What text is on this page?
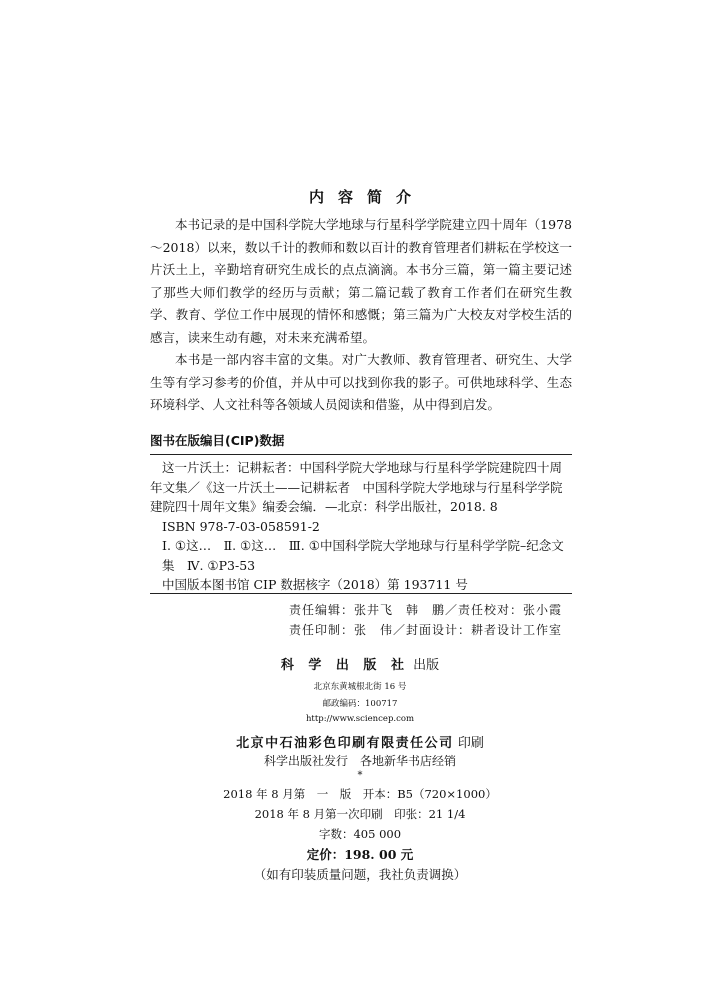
内容简介

本书记录的是中国科学院大学地球与行星科学学院建立四十周年（1978～2018）以来，数以千计的教师和数以百计的教育管理者们耕耘在学校这一片沃土上，辛勤培育研究生成长的点点滴滴。本书分三篇，第一篇主要记述了那些大师们教学的经历与贡献；第二篇记载了教育工作者们在研究生教学、教育、学位工作中展现的情怀和感慨；第三篇为广大校友对学校生活的感言，读来生动有趣，对未来充满希望。

本书是一部内容丰富的文集。对广大教师、教育管理者、研究生、大学生等有学习参考的价值，并从中可以找到你我的影子。可供地球科学、生态环境科学、人文社科等各领域人员阅读和借鉴，从中得到启发。

图书在版编目(CIP)数据

这一片沃土：记耕耘者：中国科学院大学地球与行星科学学院建院四十周年文集／《这一片沃土——记耕耘者　中国科学院大学地球与行星科学学院建院四十周年文集》编委会编．—北京：科学出版社，2018. 8

ISBN 978-7-03-058591-2

Ⅰ. ①这…　Ⅱ. ①这…　Ⅲ. ①中国科学院大学地球与行星科学学院–纪念文集　Ⅳ. ①P3-53

中国版本图书馆 CIP 数据核字（2018）第 193711 号

责任编辑：张井飞　韩　鹏／责任校对：张小霞

责任印制：张　伟／封面设计：耕者设计工作室

科 学 出 版 社 出版
北京东黄城根北街 16 号
邮政编码：100717
http://www.sciencep.com
北京中石油彩色印刷有限责任公司 印刷
科学出版社发行　各地新华书店经销
*
2018 年 8 月第　一　版　开本：B5（720×1000）
2018 年 8 月第一次印刷　印张：21 1/4
字数：405 000
定价：198. 00 元
（如有印装质量问题，我社负责调换）
